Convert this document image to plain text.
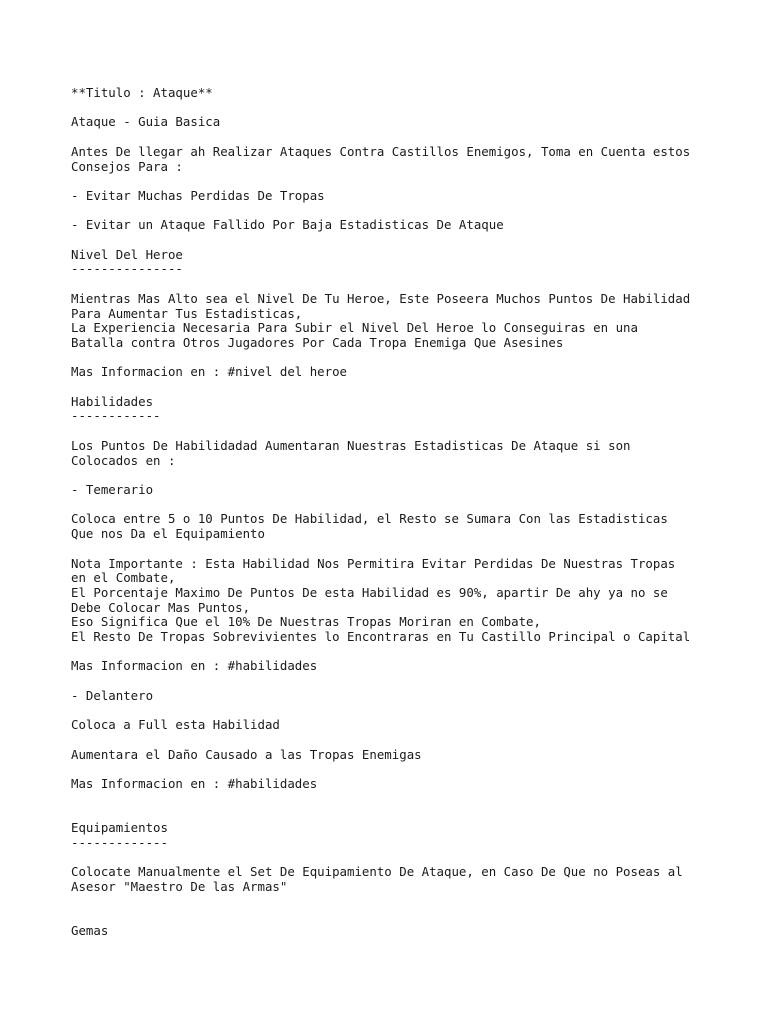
**Titulo : Ataque**

Ataque - Guia Basica

Antes De llegar ah Realizar Ataques Contra Castillos Enemigos, Toma en Cuenta estos
Consejos Para :

- Evitar Muchas Perdidas De Tropas

- Evitar un Ataque Fallido Por Baja Estadisticas De Ataque

Nivel Del Heroe
---------------

Mientras Mas Alto sea el Nivel De Tu Heroe, Este Poseera Muchos Puntos De Habilidad
Para Aumentar Tus Estadisticas,
La Experiencia Necesaria Para Subir el Nivel Del Heroe lo Conseguiras en una
Batalla contra Otros Jugadores Por Cada Tropa Enemiga Que Asesines

Mas Informacion en : #nivel del heroe

Habilidades
------------

Los Puntos De Habilidadad Aumentaran Nuestras Estadisticas De Ataque si son
Colocados en :

- Temerario

Coloca entre 5 o 10 Puntos De Habilidad, el Resto se Sumara Con las Estadisticas
Que nos Da el Equipamiento

Nota Importante : Esta Habilidad Nos Permitira Evitar Perdidas De Nuestras Tropas
en el Combate,
El Porcentaje Maximo De Puntos De esta Habilidad es 90%, apartir De ahy ya no se
Debe Colocar Mas Puntos,
Eso Significa Que el 10% De Nuestras Tropas Moriran en Combate,
El Resto De Tropas Sobrevivientes lo Encontraras en Tu Castillo Principal o Capital

Mas Informacion en : #habilidades

- Delantero

Coloca a Full esta Habilidad

Aumentara el Daño Causado a las Tropas Enemigas

Mas Informacion en : #habilidades

Equipamientos
-------------

Colocate Manualmente el Set De Equipamiento De Ataque, en Caso De Que no Poseas al
Asesor "Maestro De las Armas"

Gemas
